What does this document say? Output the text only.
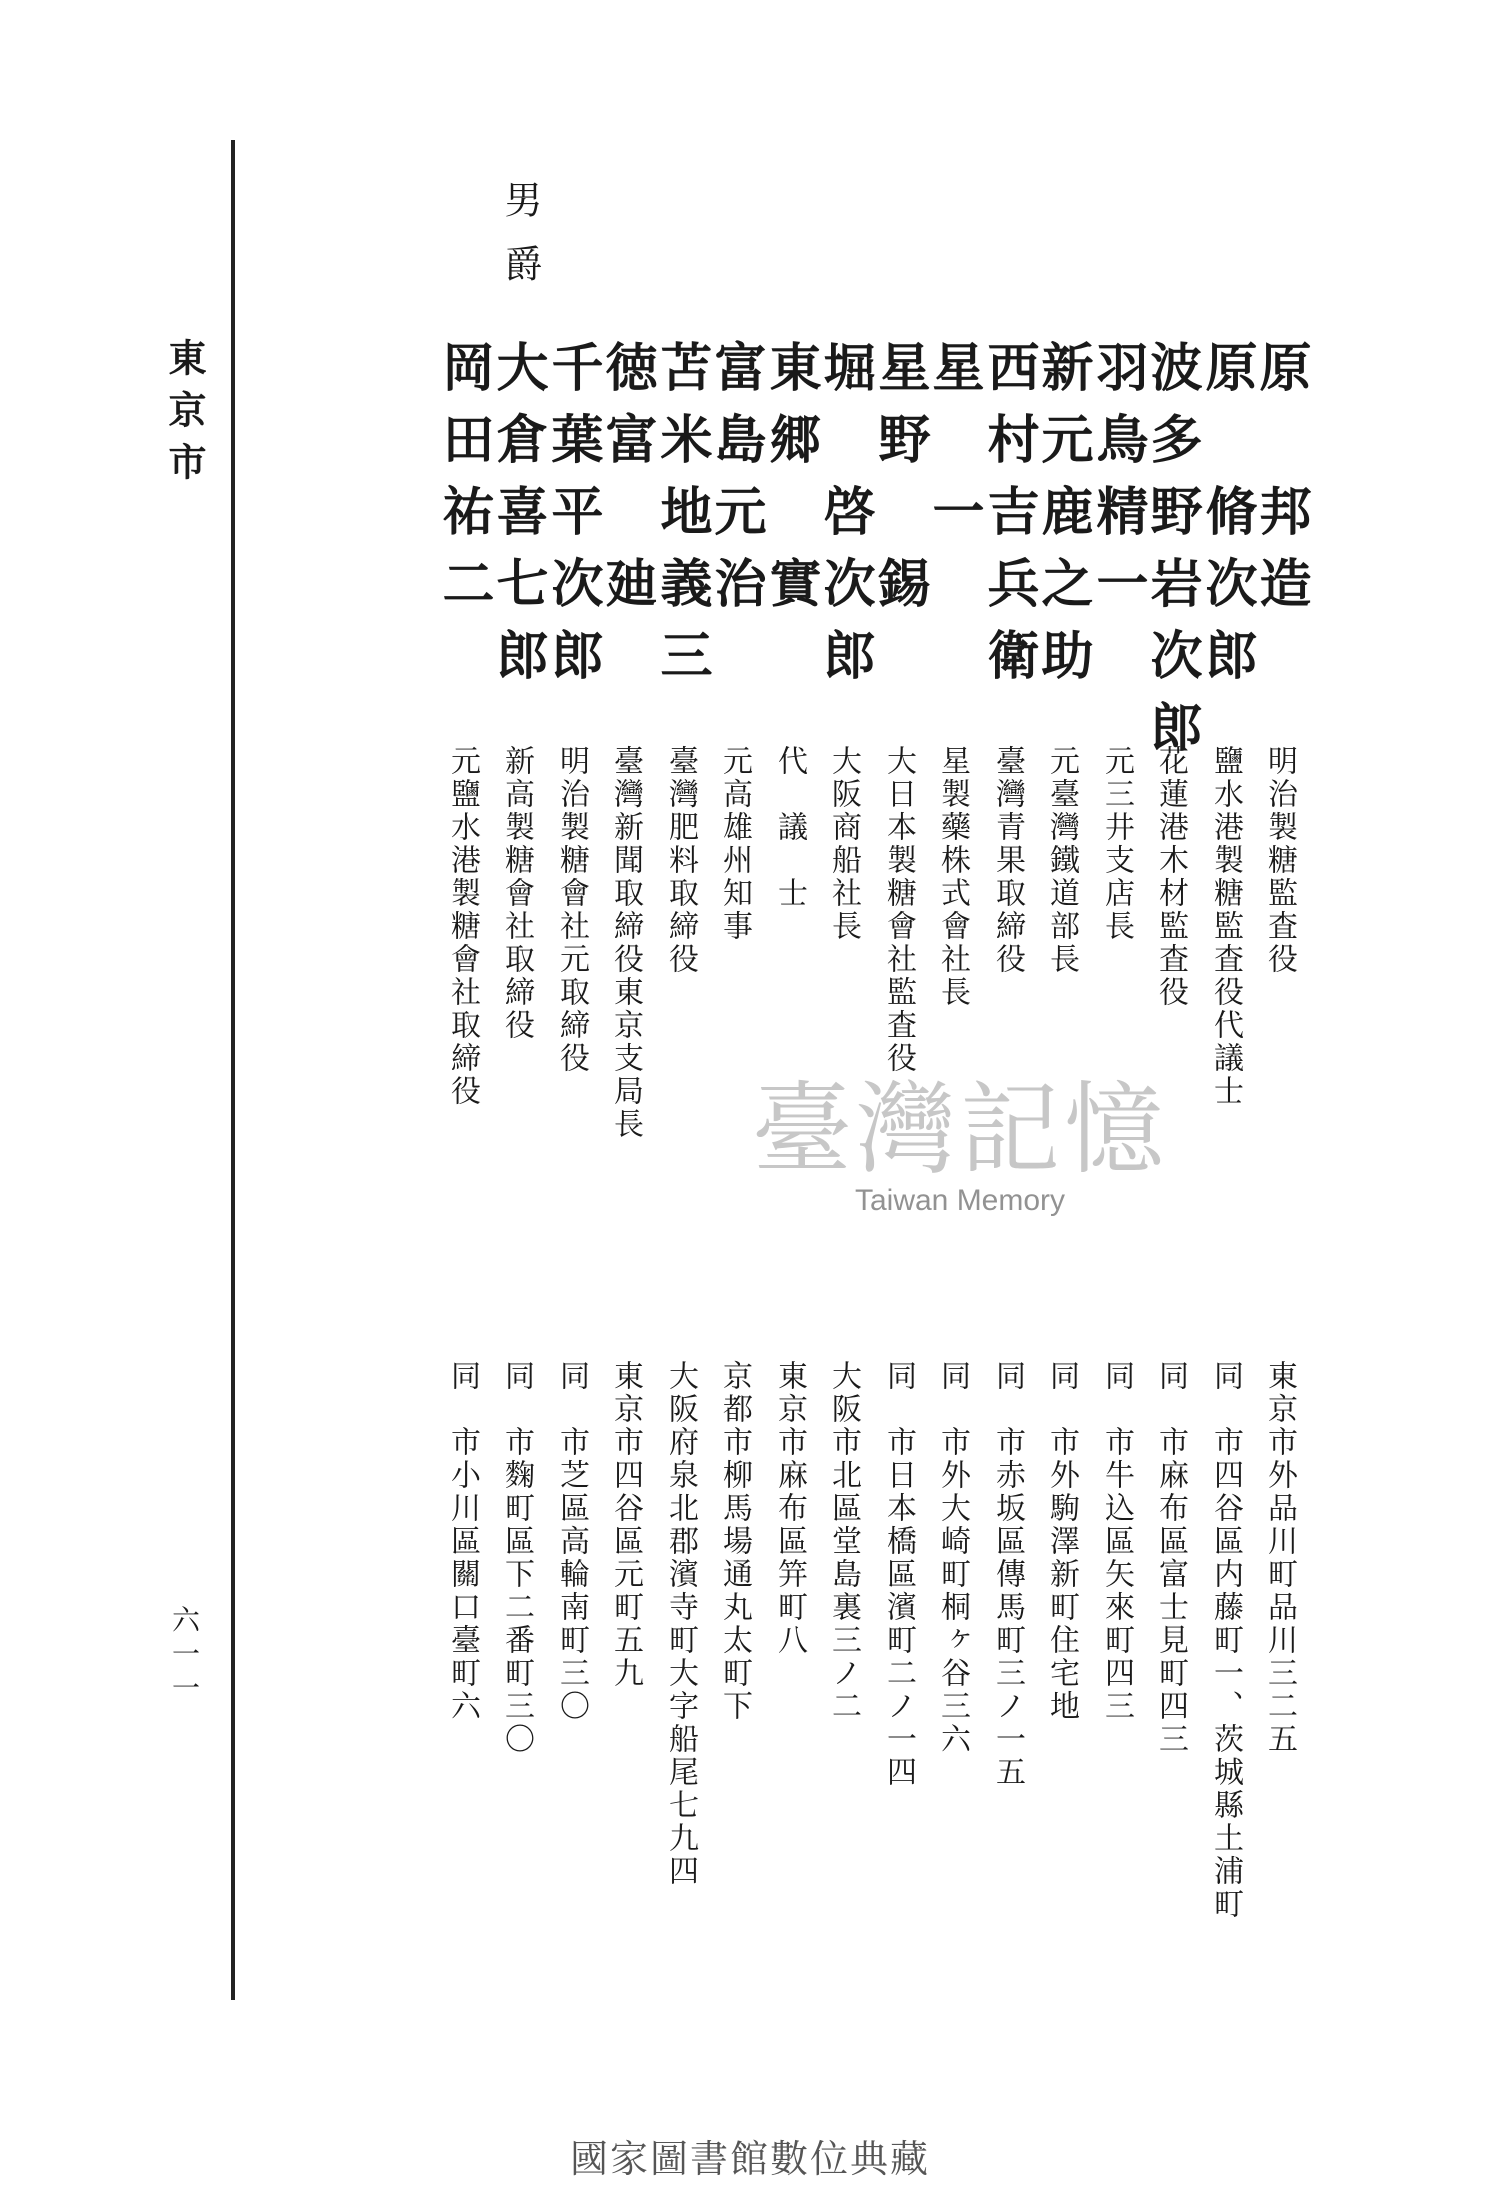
東京市
六一一
原　邦造
明治製糖監査役
東京市外品川町品川三二五
原　脩次郎
鹽水港製糖監査役代議士
同　市四谷區内藤町一、茨城縣土浦町
波多野岩次郎
花蓮港木材監査役
同　市麻布區富士見町四三
羽鳥精一
元三井支店長
同　市牛込區矢來町四三
新元鹿之助
元臺灣鐵道部長
同　市外駒澤新町住宅地
西村吉兵衛
臺灣青果取締役
同　市赤坂區傳馬町三ノ一五
星　一
星製藥株式會社長
同　市外大崎町桐ヶ谷三六
星野　錫
大日本製糖會社監査役
同　市日本橋區濱町二ノ一四
堀　啓次郎
大阪商船社長
大阪市北區堂島裏三ノ二
東郷　實
代　議　士
東京市麻布區笄町八
富島元治
元高雄州知事
京都市柳馬場通丸太町下
苫米地義三
臺灣肥料取締役
大阪府泉北郡濱寺町大字船尾七九四
徳富　廸
臺灣新聞取締役東京支局長
東京市四谷區元町五九
千葉平次郎
明治製糖會社元取締役
同　市芝區高輪南町三〇
男爵
大倉喜七郎
新高製糖會社取締役
同　市麴町區下二番町三〇
岡田祐二
元鹽水港製糖會社取締役
同　市小川區關口臺町六
臺灣記憶
Taiwan Memory
國家圖書館數位典藏
